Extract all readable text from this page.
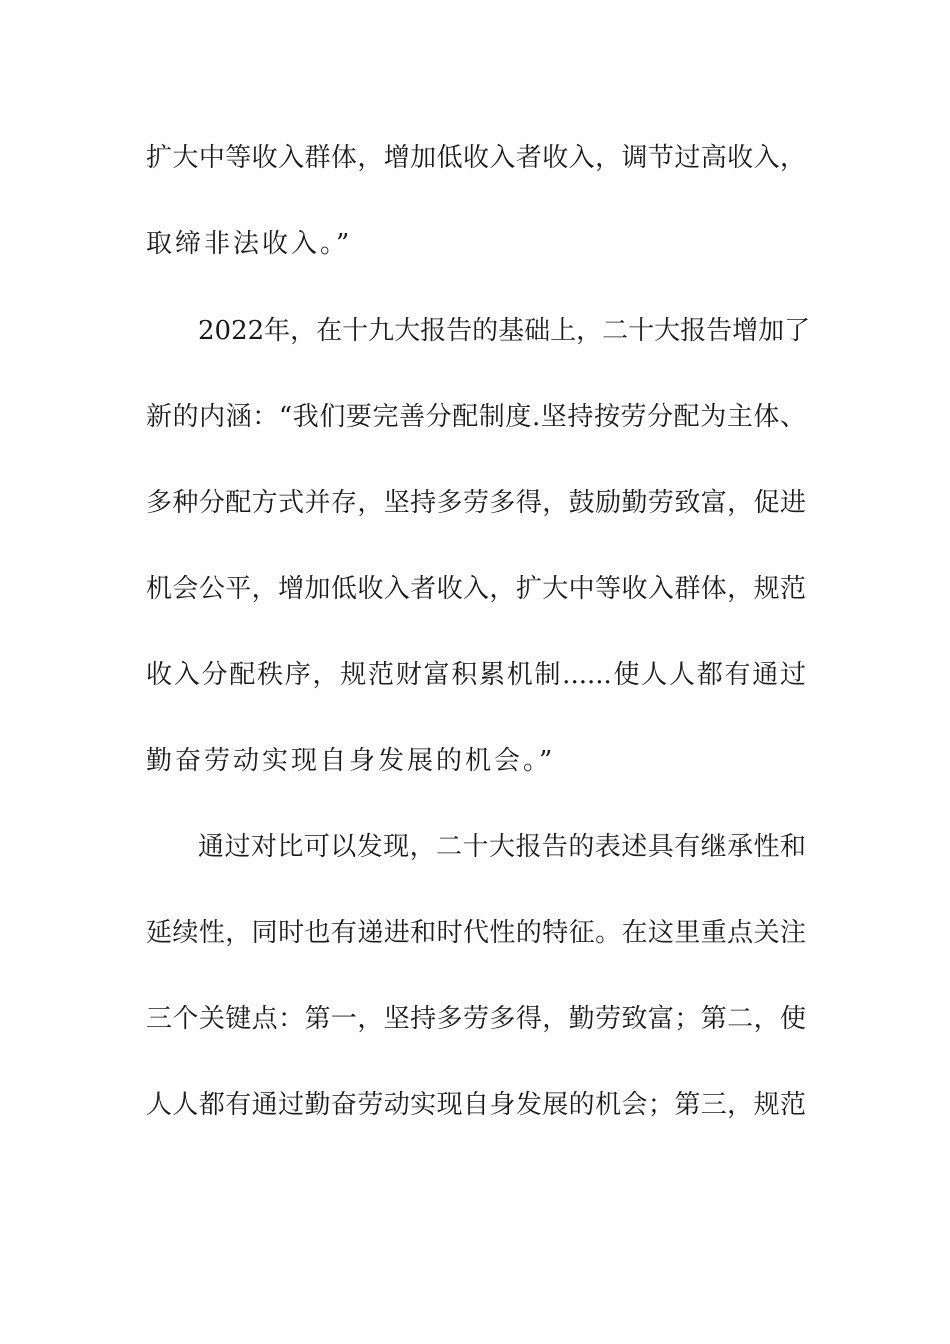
扩大中等收入群体，增加低收入者收入，调节过高收入，
取缔非法收入。”
2022年，在十九大报告的基础上，二十大报告增加了
新的内涵：“我们要完善分配制度.坚持按劳分配为主体、
多种分配方式并存，坚持多劳多得，鼓励勤劳致富，促进
机会公平，增加低收入者收入，扩大中等收入群体，规范
收入分配秩序，规范财富积累机制......使人人都有通过
勤奋劳动实现自身发展的机会。”
通过对比可以发现，二十大报告的表述具有继承性和
延续性，同时也有递进和时代性的特征。在这里重点关注
三个关键点：第一，坚持多劳多得，勤劳致富；第二，使
人人都有通过勤奋劳动实现自身发展的机会；第三，规范
